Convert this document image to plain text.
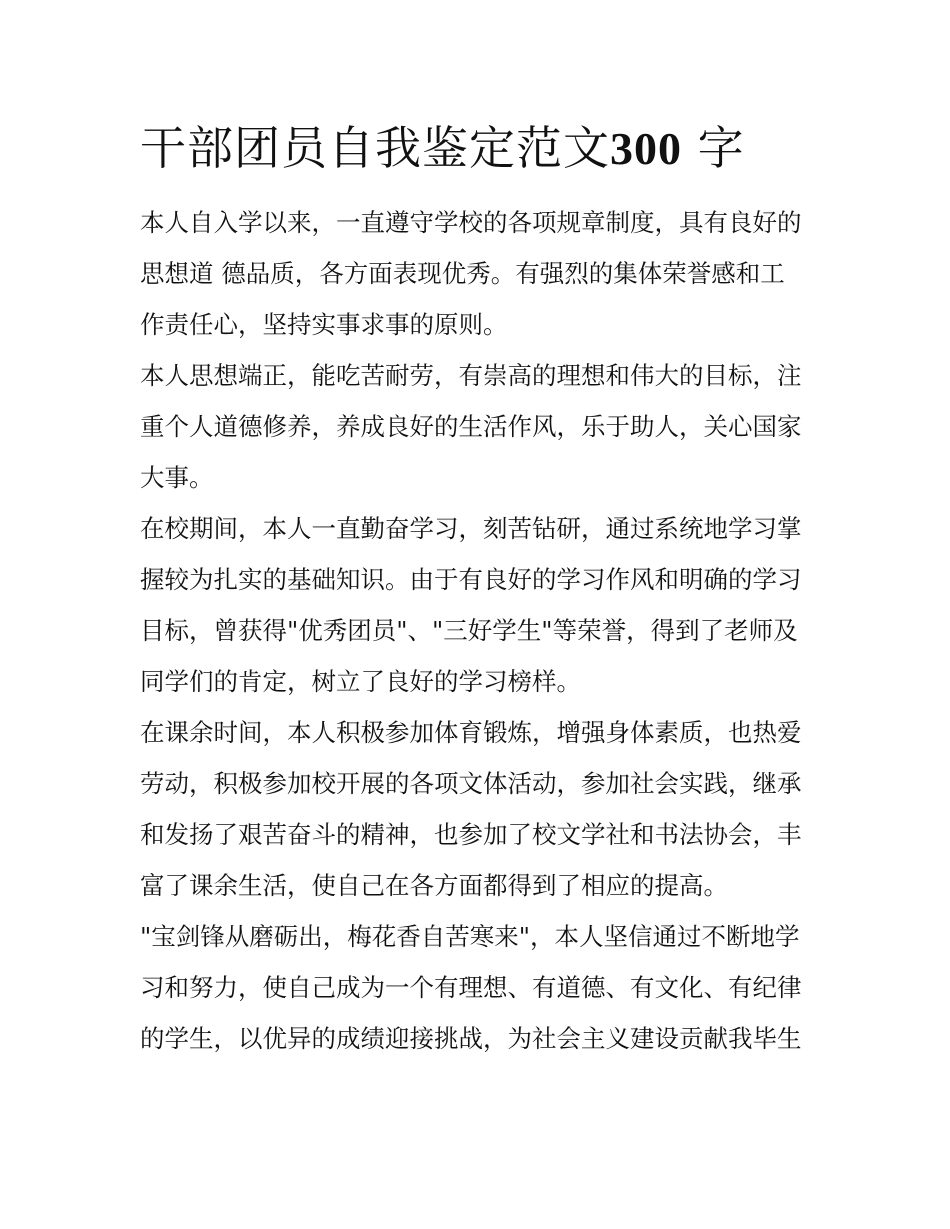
干部团员自我鉴定范文300 字
本人自入学以来，一直遵守学校的各项规章制度，具有良好的
思想道 德品质，各方面表现优秀。有强烈的集体荣誉感和工
作责任心，坚持实事求事的原则。
本人思想端正，能吃苦耐劳，有崇高的理想和伟大的目标，注
重个人道德修养，养成良好的生活作风，乐于助人，关心国家
大事。
在校期间，本人一直勤奋学习，刻苦钻研，通过系统地学习掌
握较为扎实的基础知识。由于有良好的学习作风和明确的学习
目标，曾获得"优秀团员"、"三好学生"等荣誉，得到了老师及
同学们的肯定，树立了良好的学习榜样。
在课余时间，本人积极参加体育锻炼，增强身体素质，也热爱
劳动，积极参加校开展的各项文体活动，参加社会实践，继承
和发扬了艰苦奋斗的精神，也参加了校文学社和书法协会，丰
富了课余生活，使自己在各方面都得到了相应的提高。
"宝剑锋从磨砺出，梅花香自苦寒来"，本人坚信通过不断地学
习和努力，使自己成为一个有理想、有道德、有文化、有纪律
的学生，以优异的成绩迎接挑战，为社会主义建设贡献我毕生
